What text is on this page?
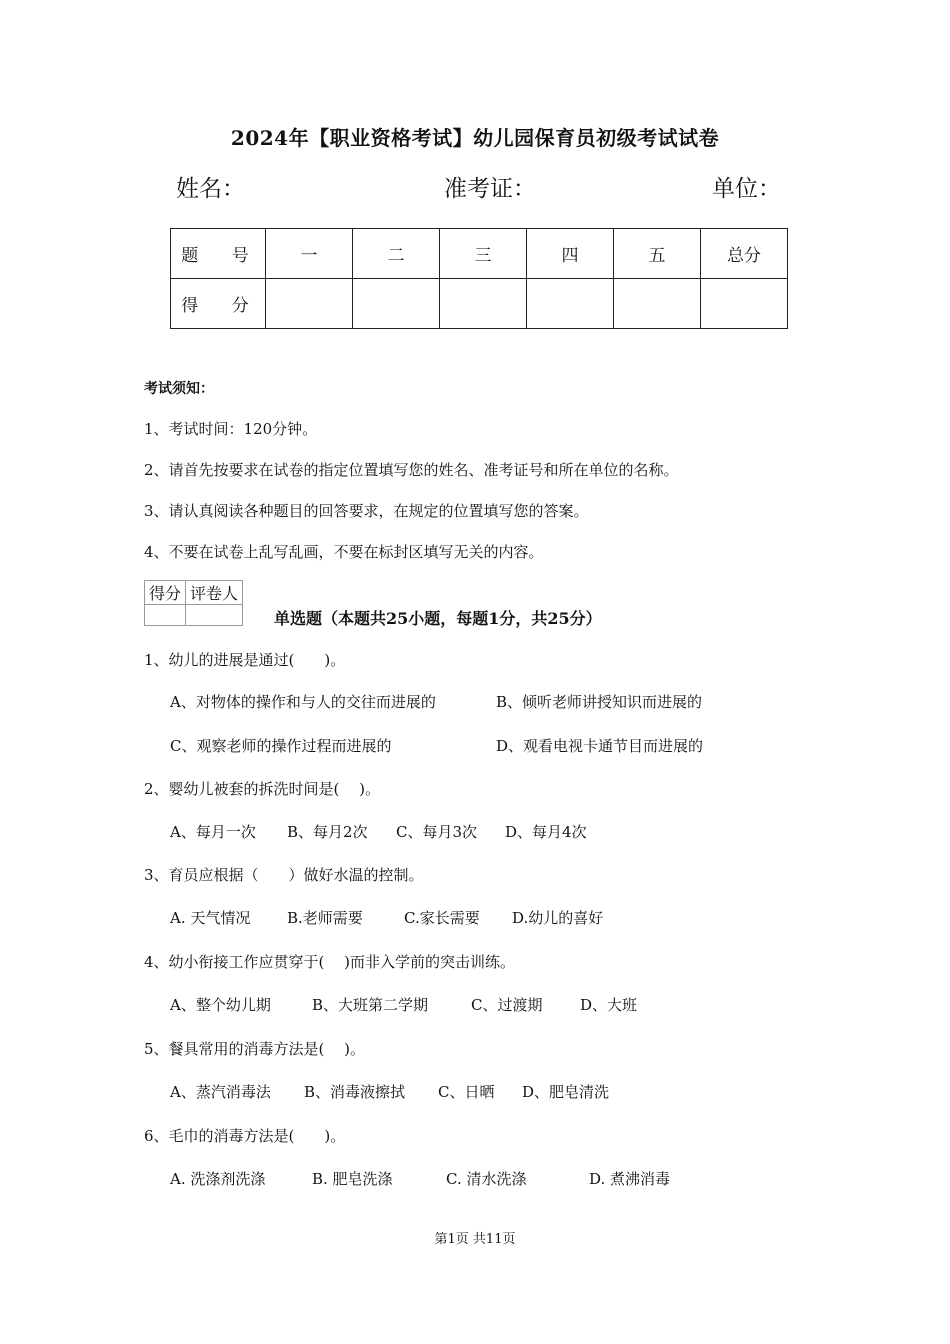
2024年【职业资格考试】幼儿园保育员初级考试试卷
姓名：	准考证：	单位：
题 号	一	二	三	四	五	总分
得 分						
考试须知：
1、考试时间：120分钟。
2、请首先按要求在试卷的指定位置填写您的姓名、准考证号和所在单位的名称。
3、请认真阅读各种题目的回答要求，在规定的位置填写您的答案。
4、不要在试卷上乱写乱画，不要在标封区填写无关的内容。
得分	评卷人

单选题（本题共25小题，每题1分，共25分）
1、幼儿的进展是通过(　　)。
A、对物体的操作和与人的交往而进展的	B、倾听老师讲授知识而进展的
C、观察老师的操作过程而进展的	D、观看电视卡通节目而进展的
2、婴幼儿被套的拆洗时间是(　 )。
A、每月一次 B、每月2次 C、每月3次 D、每月4次
3、育员应根据（　　）做好水温的控制。
A. 天气情况 B.老师需要	C.家长需要 D.幼儿的喜好
4、幼小衔接工作应贯穿于(　 )而非入学前的突击训练。
A、整个幼儿期	B、大班第二学期	C、过渡期	D、大班
5、餐具常用的消毒方法是(　 )。
A、蒸汽消毒法 B、消毒液擦拭 C、日晒 D、肥皂清洗
6、毛巾的消毒方法是(　　)。
A. 洗涤剂洗涤	B. 肥皂洗涤	C. 清水洗涤	D. 煮沸消毒
第1页 共11页
